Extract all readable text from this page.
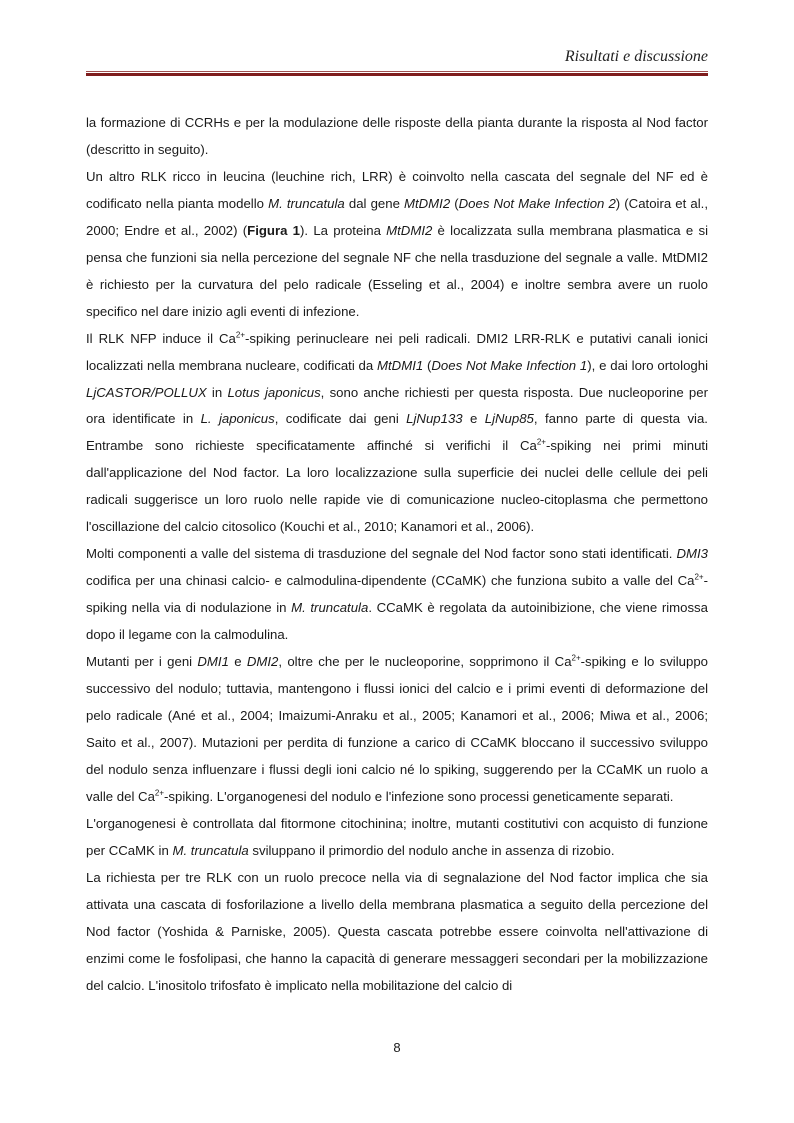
Risultati e discussione

la formazione di CCRHs e per la modulazione delle risposte della pianta durante la risposta al Nod factor (descritto in seguito).

Un altro RLK ricco in leucina (leuchine rich, LRR) è coinvolto nella cascata del segnale del NF ed è codificato nella pianta modello M. truncatula dal gene MtDMI2 (Does Not Make Infection 2) (Catoira et al., 2000; Endre et al., 2002) (Figura 1). La proteina MtDMI2 è localizzata sulla membrana plasmatica e si pensa che funzioni sia nella percezione del segnale NF che nella trasduzione del segnale a valle. MtDMI2 è richiesto per la curvatura del pelo radicale (Esseling et al., 2004) e inoltre sembra avere un ruolo specifico nel dare inizio agli eventi di infezione.

Il RLK NFP induce il $Ca^{2+}$-spiking perinucleare nei peli radicali. DMI2 LRR-RLK e putativi canali ionici localizzati nella membrana nucleare, codificati da MtDMI1 (Does Not Make Infection 1), e dai loro ortologhi LjCASTOR/POLLUX in Lotus japonicus, sono anche richiesti per questa risposta. Due nucleoporine per ora identificate in L. japonicus, codificate dai geni LjNup133 e LjNup85, fanno parte di questa via. Entrambe sono richieste specificatamente affinché si verifichi il $Ca^{2+}$-spiking nei primi minuti dall'applicazione del Nod factor. La loro localizzazione sulla superficie dei nuclei delle cellule dei peli radicali suggerisce un loro ruolo nelle rapide vie di comunicazione nucleo-citoplasma che permettono l'oscillazione del calcio citosolico (Kouchi et al., 2010; Kanamori et al., 2006).

Molti componenti a valle del sistema di trasduzione del segnale del Nod factor sono stati identificati. DMI3 codifica per una chinasi calcio- e calmodulina-dipendente (CCaMK) che funziona subito a valle del $Ca^{2+}$-spiking nella via di nodulazione in M. truncatula. CCaMK è regolata da autoinibizione, che viene rimossa dopo il legame con la calmodulina.

Mutanti per i geni DMI1 e DMI2, oltre che per le nucleoporine, sopprimono il $Ca^{2+}$-spiking e lo sviluppo successivo del nodulo; tuttavia, mantengono i flussi ionici del calcio e i primi eventi di deformazione del pelo radicale (Ané et al., 2004; Imaizumi-Anraku et al., 2005; Kanamori et al., 2006; Miwa et al., 2006; Saito et al., 2007). Mutazioni per perdita di funzione a carico di CCaMK bloccano il successivo sviluppo del nodulo senza influenzare i flussi degli ioni calcio né lo spiking, suggerendo per la CCaMK un ruolo a valle del $Ca^{2+}$-spiking. L'organogenesi del nodulo e l'infezione sono processi geneticamente separati.

L'organogenesi è controllata dal fitormone citochinina; inoltre, mutanti costitutivi con acquisto di funzione per CCaMK in M. truncatula sviluppano il primordio del nodulo anche in assenza di rizobio.

La richiesta per tre RLK con un ruolo precoce nella via di segnalazione del Nod factor implica che sia attivata una cascata di fosforilazione a livello della membrana plasmatica a seguito della percezione del Nod factor (Yoshida & Parniske, 2005). Questa cascata potrebbe essere coinvolta nell'attivazione di enzimi come le fosfolipasi, che hanno la capacità di generare messaggeri secondari per la mobilizzazione del calcio. L'inositolo trifosfato è implicato nella mobilitazione del calcio di

8
